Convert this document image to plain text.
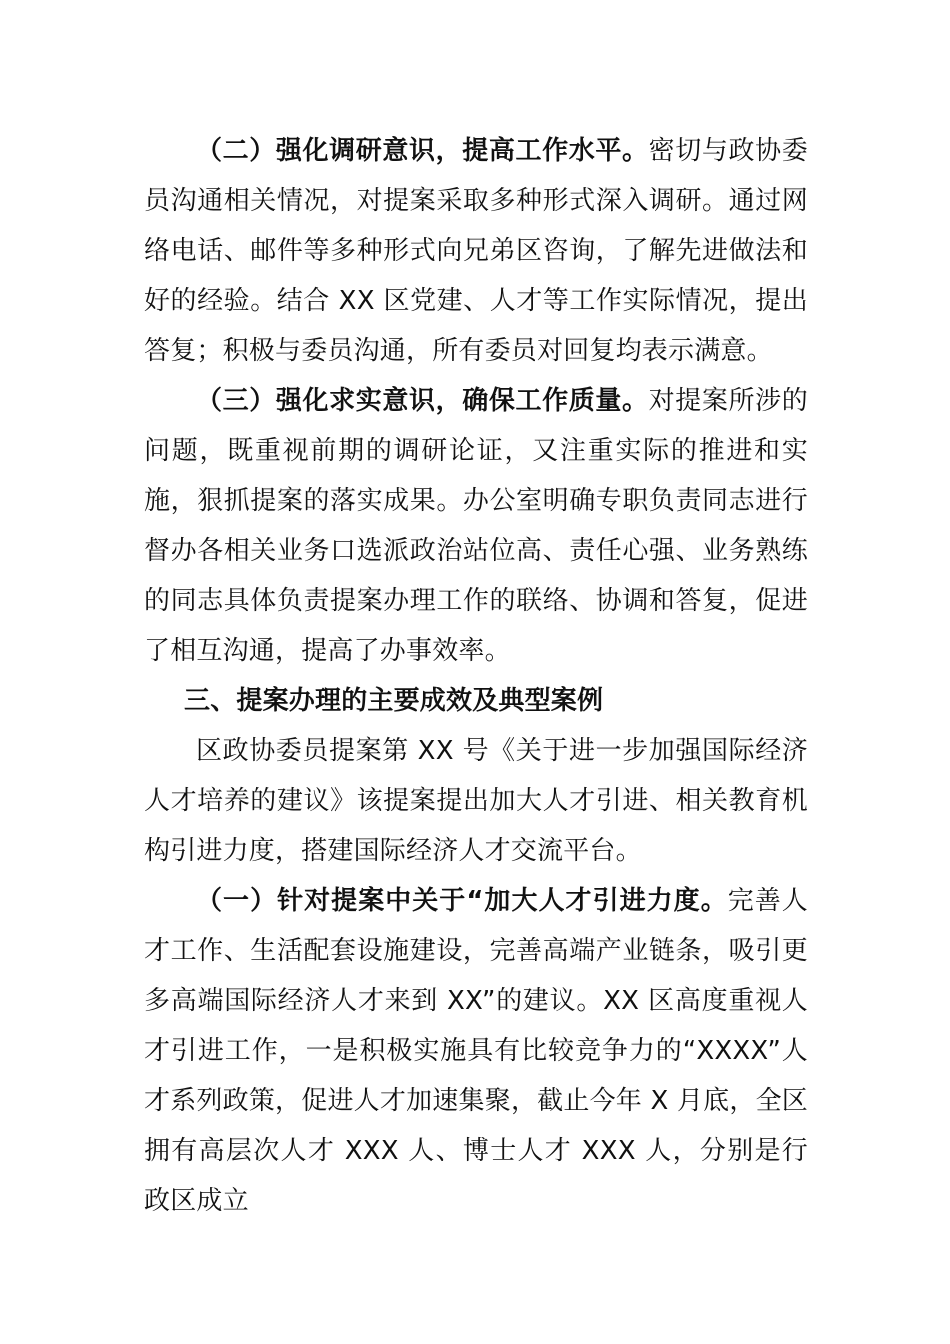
（二）强化调研意识，提高工作水平。密切与政协委员沟通相关情况，对提案采取多种形式深入调研。通过网络电话、邮件等多种形式向兄弟区咨询，了解先进做法和好的经验。结合 XX 区党建、人才等工作实际情况，提出答复；积极与委员沟通，所有委员对回复均表示满意。

（三）强化求实意识，确保工作质量。对提案所涉的问题，既重视前期的调研论证，又注重实际的推进和实施，狠抓提案的落实成果。办公室明确专职负责同志进行督办各相关业务口选派政治站位高、责任心强、业务熟练的同志具体负责提案办理工作的联络、协调和答复，促进了相互沟通，提高了办事效率。

三、提案办理的主要成效及典型案例

区政协委员提案第 XX 号《关于进一步加强国际经济人才培养的建议》该提案提出加大人才引进、相关教育机构引进力度，搭建国际经济人才交流平台。

（一）针对提案中关于“加大人才引进力度。完善人才工作、生活配套设施建设，完善高端产业链条，吸引更多高端国际经济人才来到 XX”的建议。XX 区高度重视人才引进工作，一是积极实施具有比较竞争力的“XXXX”人才系列政策，促进人才加速集聚，截止今年 X 月底，全区拥有高层次人才 XXX 人、博士人才 XXX 人，分别是行政区成立
